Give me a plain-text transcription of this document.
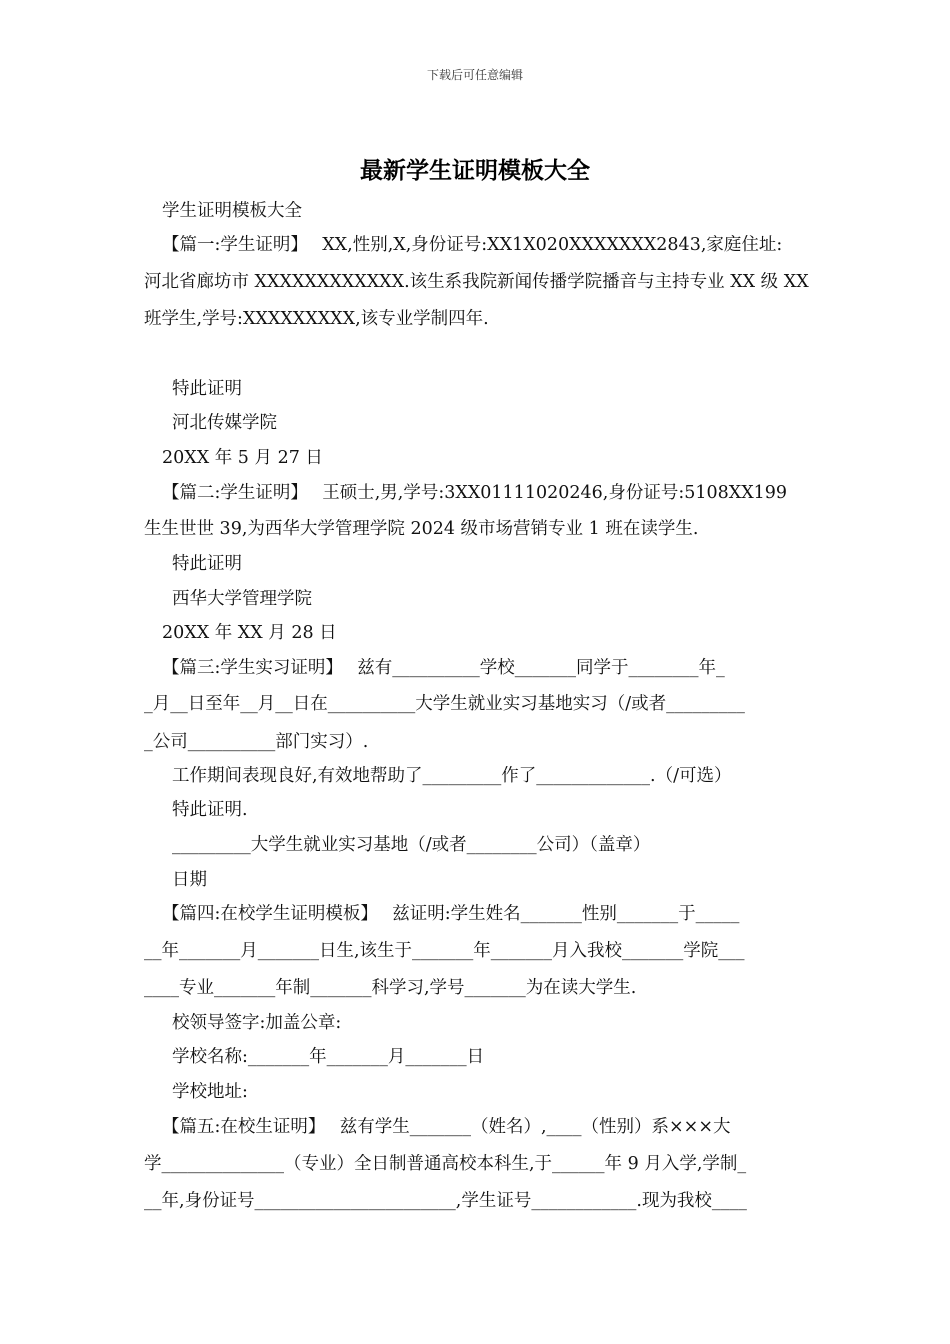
下载后可任意编辑
最新学生证明模板大全
学生证明模板大全
【篇一:学生证明】　 XX,性别,X,身份证号:XX1X020XXXXXXX2843,家庭住址:
河北省廊坊市 XXXXXXXXXXXX.该生系我院新闻传播学院播音与主持专业 XX 级 XX
班学生,学号:XXXXXXXXX,该专业学制四年.
特此证明
河北传媒学院
20XX 年 5 月 27 日
【篇二:学生证明】　 王硕士,男,学号:3XX01111020246,身份证号:5108XX199
生生世世 39,为西华大学管理学院 2024 级市场营销专业 1 班在读学生.
特此证明
西华大学管理学院
20XX 年 XX 月 28 日
【篇三:学生实习证明】　 兹有__________学校_______同学于________年_
_月__日至年__月__日在__________大学生就业实习基地实习（/或者_________
_公司__________部门实习）.
工作期间表现良好,有效地帮助了_________作了_____________.（/可选）
特此证明.
_________大学生就业实习基地（/或者________公司）（盖章）
日期
【篇四:在校学生证明模板】　 兹证明:学生姓名_______性别_______于_____
__年_______月_______日生,该生于_______年_______月入我校_______学院___
____专业_______年制_______科学习,学号_______为在读大学生.
校领导签字:加盖公章:
学校名称:_______年_______月_______日
学校地址:
【篇五:在校生证明】　 兹有学生_______（姓名）,____（性别）系×××大
学______________（专业）全日制普通高校本科生,于______年 9 月入学,学制_
__年,身份证号_______________________,学生证号____________.现为我校____
